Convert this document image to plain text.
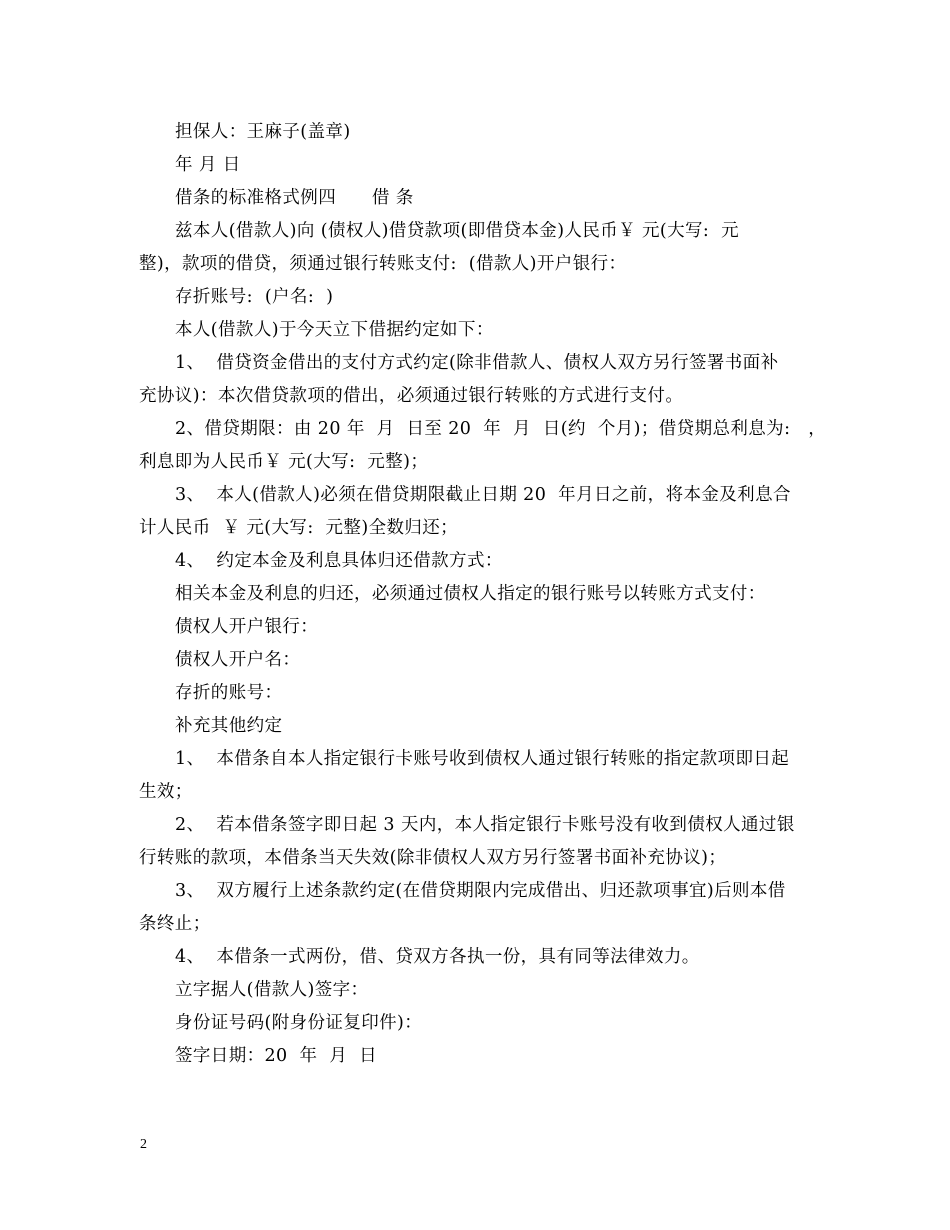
担保人：王麻子(盖章)
年 月 日
借条的标准格式例四      借 条
兹本人(借款人)向 (债权人)借贷款项(即借贷本金)人民币￥ 元(大写:  元
整)，款项的借贷，须通过银行转账支付:  (借款人)开户银行：
存折账号:  (户名:  )
本人(借款人)于今天立下借据约定如下：
1、  借贷资金借出的支付方式约定(除非借款人、债权人双方另行签署书面补
充协议)：本次借贷款项的借出，必须通过银行转账的方式进行支付。
2、借贷期限：由 20 年  月  日至 20  年  月  日(约  个月)；借贷期总利息为:   ，
利息即为人民币￥ 元(大写:  元整)；
3、  本人(借款人)必须在借贷期限截止日期 20  年月日之前，将本金及利息合
计人民币  ￥ 元(大写:  元整)全数归还；
4、  约定本金及利息具体归还借款方式：
相关本金及利息的归还，必须通过债权人指定的银行账号以转账方式支付：
债权人开户银行：
债权人开户名：
存折的账号：
补充其他约定
1、  本借条自本人指定银行卡账号收到债权人通过银行转账的指定款项即日起
生效；
2、  若本借条签字即日起 3 天内，本人指定银行卡账号没有收到债权人通过银
行转账的款项，本借条当天失效(除非债权人双方另行签署书面补充协议)；
3、  双方履行上述条款约定(在借贷期限内完成借出、归还款项事宜)后则本借
条终止；
4、  本借条一式两份，借、贷双方各执一份，具有同等法律效力。
立字据人(借款人)签字：
身份证号码(附身份证复印件)：
签字日期：20  年  月  日
2
